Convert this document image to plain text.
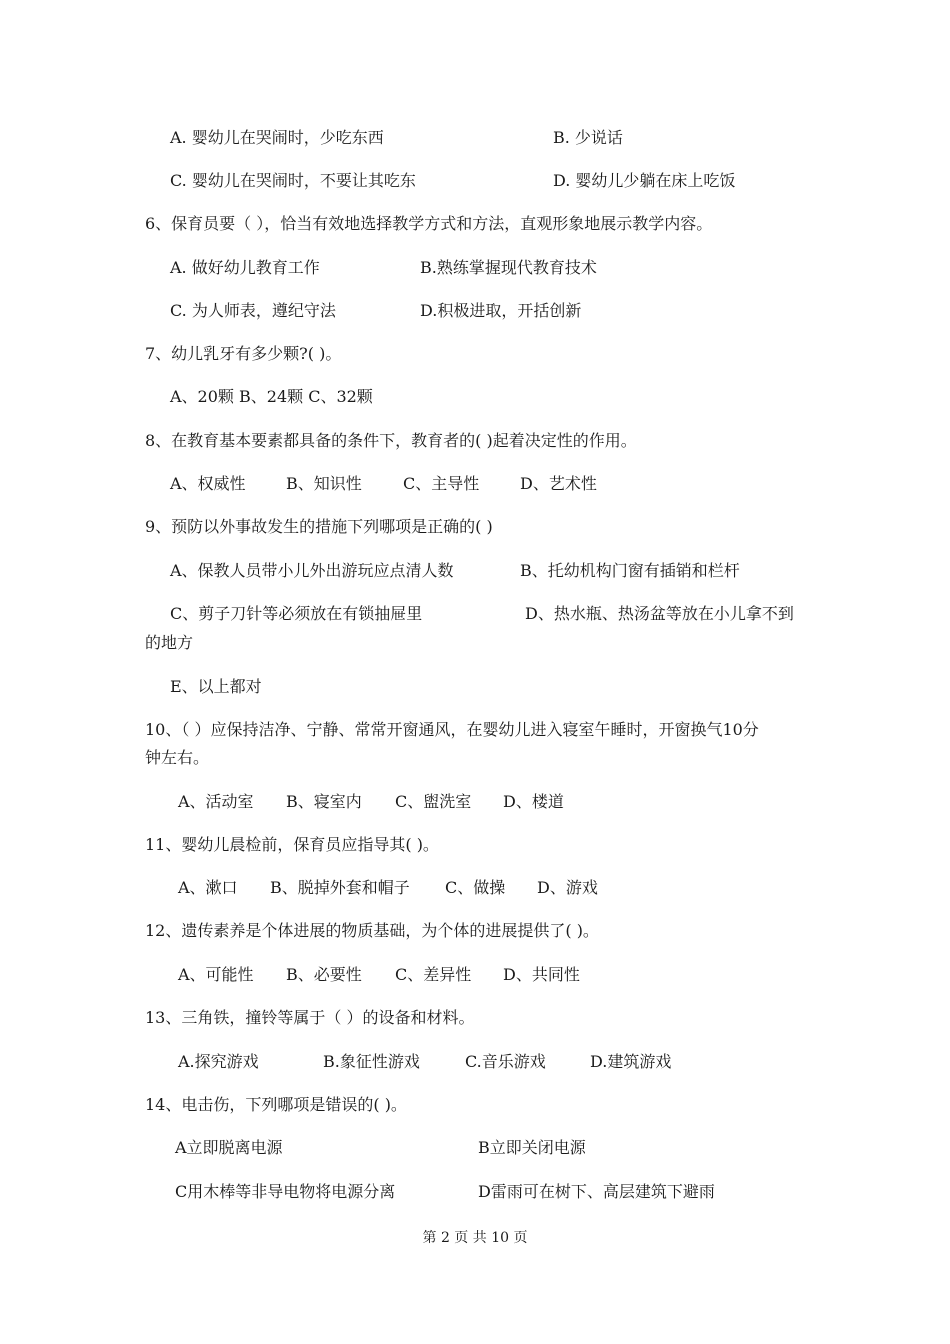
A. 婴幼儿在哭闹时，少吃东西	B. 少说话
C. 婴幼儿在哭闹时，不要让其吃东	D. 婴幼儿少躺在床上吃饭
6、保育员要（ ），恰当有效地选择教学方式和方法，直观形象地展示教学内容。
A. 做好幼儿教育工作	B.熟练掌握现代教育技术
C. 为人师表，遵纪守法	D.积极进取，开括创新
7、幼儿乳牙有多少颗?( )。
A、20颗 B、24颗 C、32颗
8、在教育基本要素都具备的条件下，教育者的( )起着决定性的作用。
A、权威性	B、知识性	C、主导性	D、艺术性
9、预防以外事故发生的措施下列哪项是正确的( )
A、保教人员带小儿外出游玩应点清人数	B、托幼机构门窗有插销和栏杆
C、剪子刀针等必须放在有锁抽屉里	D、热水瓶、热汤盆等放在小儿拿不到
的地方
E、以上都对
10、（ ）应保持洁净、宁静、常常开窗通风，在婴幼儿进入寝室午睡时，开窗换气10分
钟左右。
A、活动室 B、寝室内 C、盥洗室 D、楼道
11、婴幼儿晨检前，保育员应指导其( )。
A、漱口 B、脱掉外套和帽子 C、做操 D、游戏
12、遗传素养是个体进展的物质基础，为个体的进展提供了( )。
A、可能性 B、必要性 C、差异性 D、共同性
13、三角铁，撞铃等属于（ ）的设备和材料。
A.探究游戏	B.象征性游戏	C.音乐游戏	D.建筑游戏
14、电击伤，下列哪项是错误的( )。
A立即脱离电源	B立即关闭电源
C用木棒等非导电物将电源分离	D雷雨可在树下、高层建筑下避雨
第 2 页 共 10 页
